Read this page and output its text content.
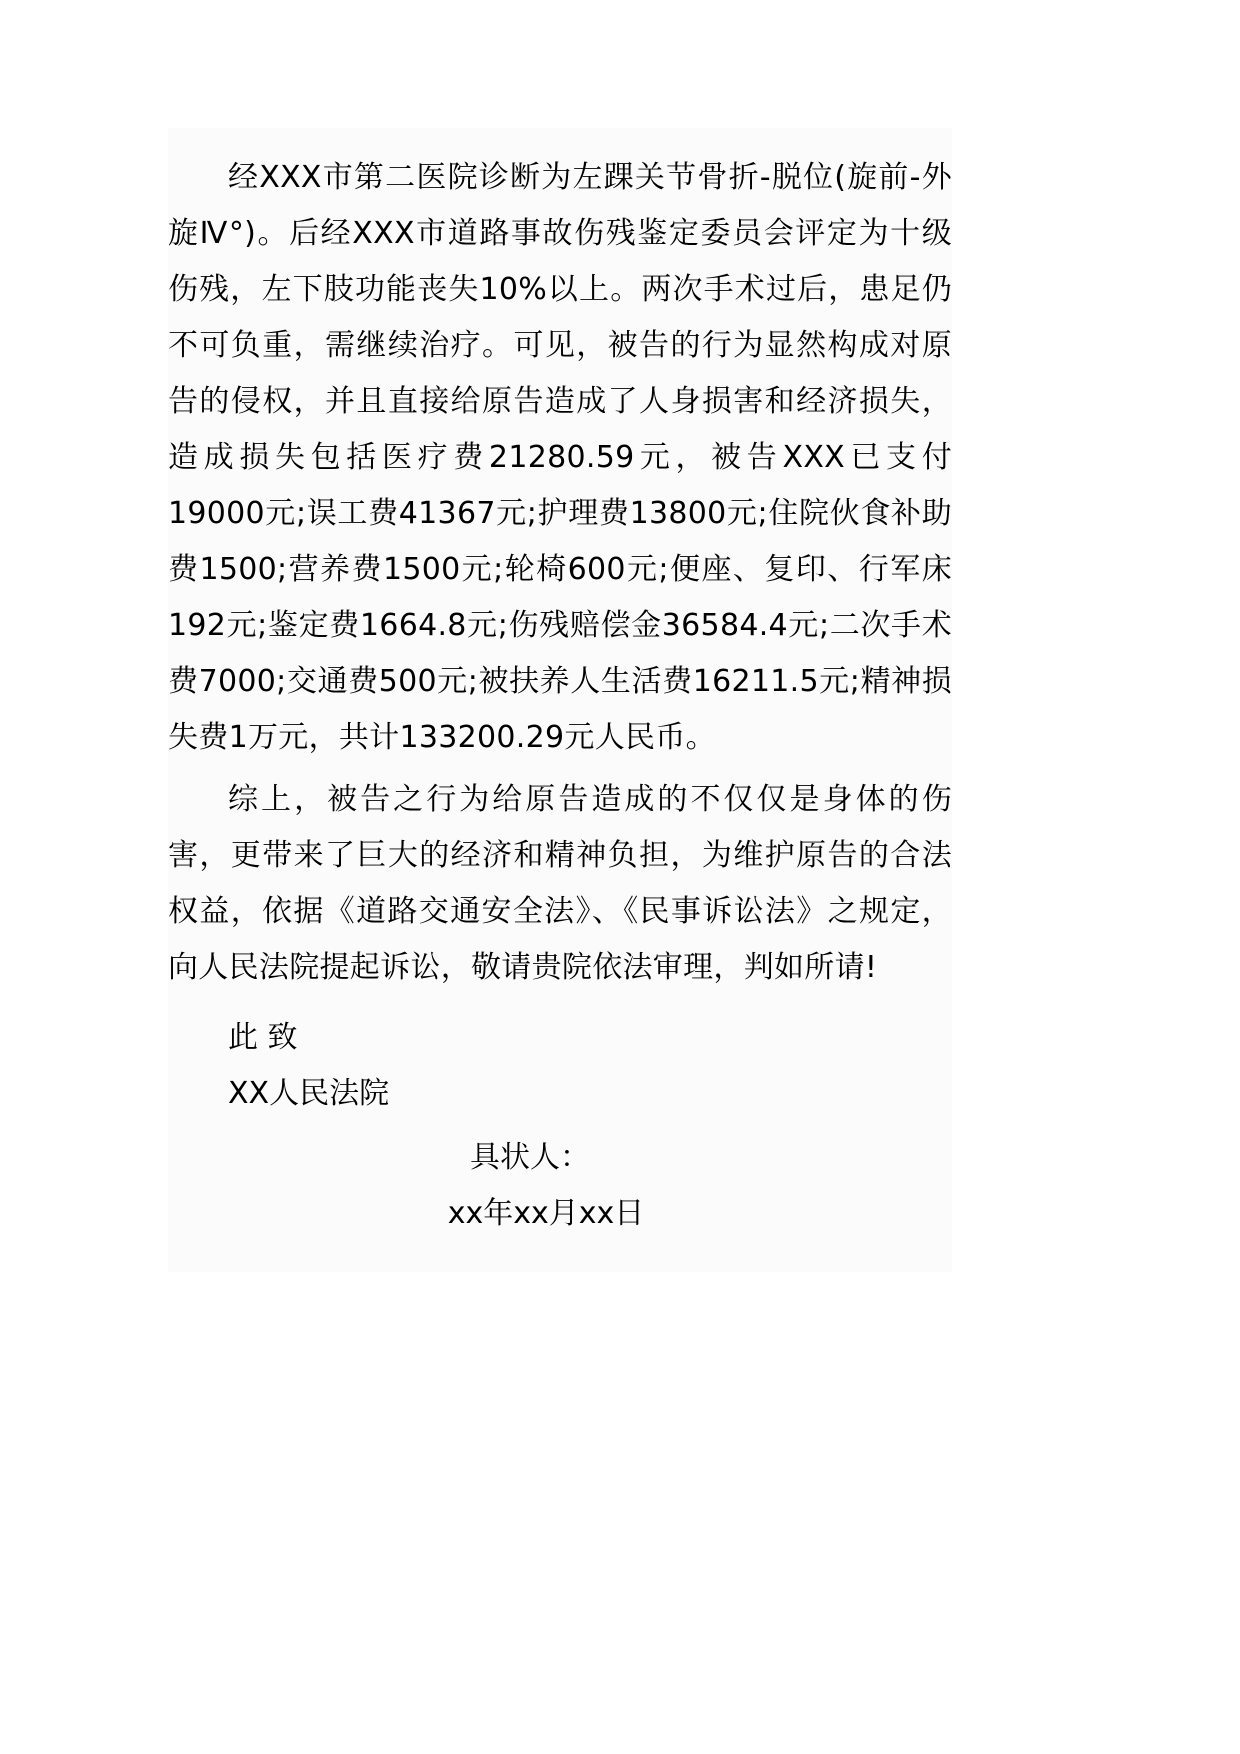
经XXX市第二医院诊断为左踝关节骨折-脱位(旋前-外旋Ⅳ°)。后经XXX市道路事故伤残鉴定委员会评定为十级伤残，左下肢功能丧失10%以上。两次手术过后，患足仍不可负重，需继续治疗。可见，被告的行为显然构成对原告的侵权，并且直接给原告造成了人身损害和经济损失，造成损失包括医疗费21280.59元，被告XXX已支付19000元;误工费41367元;护理费13800元;住院伙食补助费1500;营养费1500元;轮椅600元;便座、复印、行军床192元;鉴定费1664.8元;伤残赔偿金36584.4元;二次手术费7000;交通费500元;被扶养人生活费16211.5元;精神损失费1万元，共计133200.29元人民币。

综上，被告之行为给原告造成的不仅仅是身体的伤害，更带来了巨大的经济和精神负担，为维护原告的合法权益，依据《道路交通安全法》、《民事诉讼法》之规定，向人民法院提起诉讼，敬请贵院依法审理，判如所请!

此 致

XX人民法院

具状人：

xx年xx月xx日
